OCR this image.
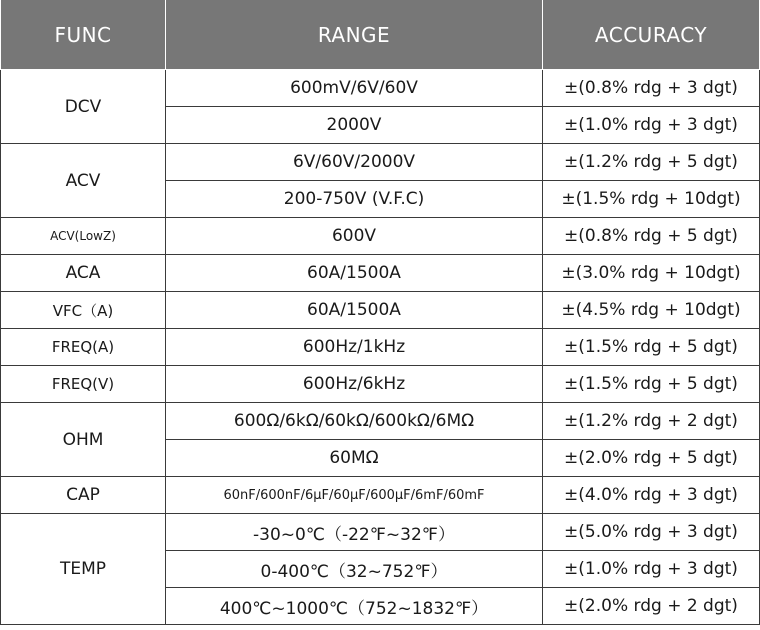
FUNC	RANGE	ACCURACY
DCV	600mV/6V/60V	±(0.8% rdg + 3 dgt)
	2000V	±(1.0% rdg + 3 dgt)
ACV	6V/60V/2000V	±(1.2% rdg + 5 dgt)
	200-750V (V.F.C)	±(1.5% rdg + 10dgt)
ACV(LowZ)	600V	±(0.8% rdg + 5 dgt)
ACA	60A/1500A	±(3.0% rdg + 10dgt)
VFC（A)	60A/1500A	±(4.5% rdg + 10dgt)
FREQ(A)	600Hz/1kHz	±(1.5% rdg + 5 dgt)
FREQ(V)	600Hz/6kHz	±(1.5% rdg + 5 dgt)
OHM	600Ω/6kΩ/60kΩ/600kΩ/6MΩ	±(1.2% rdg + 2 dgt)
	60MΩ	±(2.0% rdg + 5 dgt)
CAP	60nF/600nF/6μF/60μF/600μF/6mF/60mF	±(4.0% rdg + 3 dgt)
TEMP	-30~0℃（-22℉~32℉）	±(5.0% rdg + 3 dgt)
	0-400℃（32~752℉）	±(1.0% rdg + 3 dgt)
	400℃~1000℃（752~1832℉）	±(2.0% rdg + 2 dgt)
